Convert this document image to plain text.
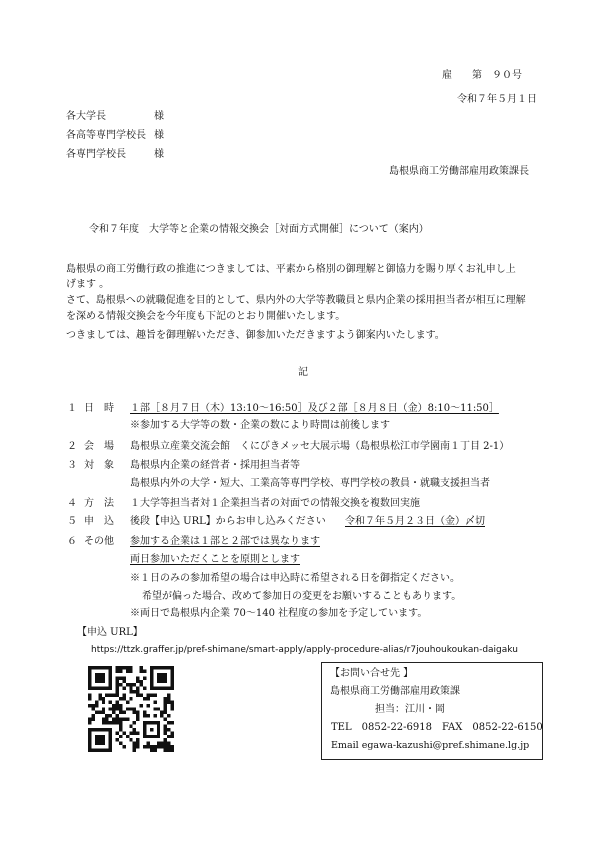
雇　　第　９０号
令和７年５月１日
各大学長	様
各高等専門学校長 様
各専門学校長	様
島根県商工労働部雇用政策課長
令和７年度　大学等と企業の情報交換会［対面方式開催］について（案内）
島根県の商工労働行政の推進につきましては、平素から格別の御理解と御協力を賜り厚くお礼申し上
げます 。
さて、島根県への就職促進を目的として、県内外の大学等教職員と県内企業の採用担当者が相互に理解
を深める情報交換会を今年度も下記のとおり開催いたします。
つきましては、趣旨を御理解いただき、御参加いただきますよう御案内いたします。
記
１ 日　時 １部［８月７日（木）13:10～16:50］及び２部［８月８日（金）8:10～11:50］
※参加する大学等の数・企業の数により時間は前後します
２ 会　場 島根県立産業交流会館　くにびきメッセ大展示場（島根県松江市学園南１丁目 2-1）
３ 対　象 島根県内企業の経営者・採用担当者等
島根県内外の大学・短大、工業高等専門学校、専門学校の教員・就職支援担当者
４ 方　法 １大学等担当者対１企業担当者の対面での情報交換を複数回実施
５ 申　込 後段【申込 URL】からお申し込みください 令和７年５月２３日（金）〆切
６ その他 参加する企業は１部と２部では異なります
両日参加いただくことを原則とします
※１日のみの参加希望の場合は申込時に希望される日を御指定ください。
希望が偏った場合、改めて参加日の変更をお願いすることもあります。
※両日で島根県内企業 70～140 社程度の参加を予定しています。
【申込 URL】
https://ttzk.graffer.jp/pref-shimane/smart-apply/apply-procedure-alias/r7jouhoukoukan-daigaku
【お問い合せ先 】
島根県商工労働部雇用政策課
担当：江川・岡
TEL　0852-22-6918　FAX　0852-22-6150
Email egawa-kazushi@pref.shimane.lg.jp
